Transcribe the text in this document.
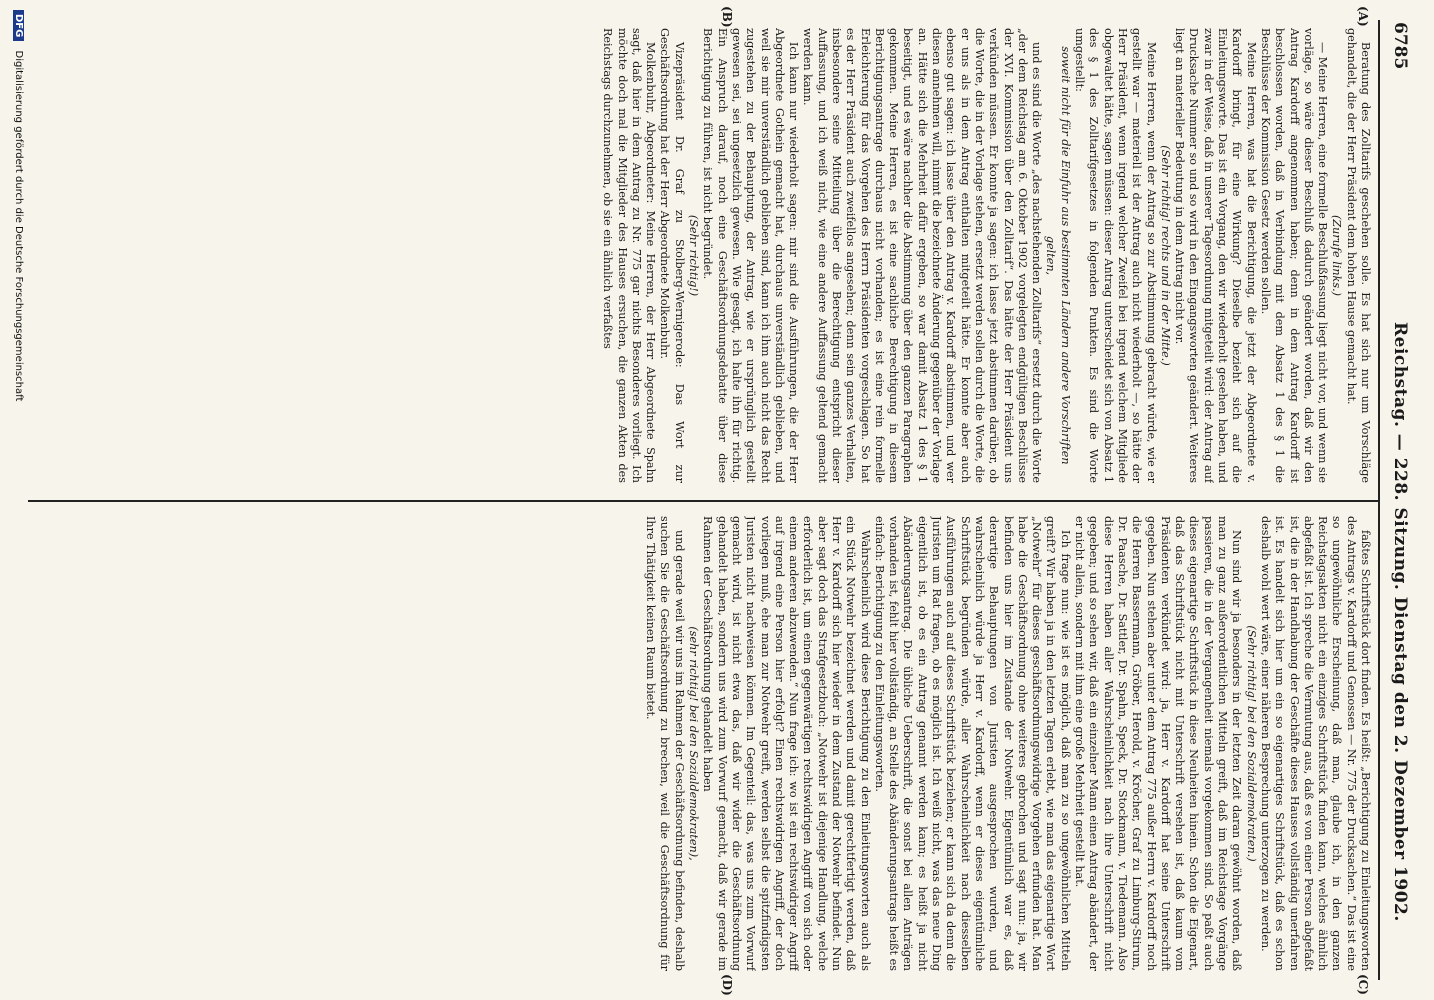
6785
Reichstag. — 228. Sitzung. Dienstag den 2. Dezember 1902.
(A)
(B)
(C)
(D)

Beratung des Zolltarifs geschehen solle. Es hat sich nur um Vorschläge gehandelt, die der Herr Präsident dem hohen Hause gemacht hat.

(Zurufe links.)

— Meine Herren, eine formelle Beschlußfassung liegt nicht vor, und wenn sie vorläge, so wäre dieser Beschluß dadurch geändert worden, daß wir den Antrag Kardorff angenommen haben; denn in dem Antrag Kardorff ist beschlossen worden, daß in Verbindung mit dem Absatz 1 des § 1 die Beschlüsse der Kommission Gesetz werden sollen.

Meine Herren, was hat die Berichtigung, die jetzt der Abgeordnete v. Kardorff bringt, für eine Wirkung? Dieselbe bezieht sich auf die Einleitungsworte. Das ist ein Vorgang, den wir wiederholt gesehen haben, und zwar in der Weise, daß in unserer Tagesordnung mitgeteilt wird: der Antrag auf Drucksache Nummer so und so wird in den Eingangsworten geändert. Weiteres liegt an materieller Bedeutung in dem Antrag nicht vor.

(Sehr richtig! rechts und in der Mitte.)

Meine Herren, wenn der Antrag so zur Abstimmung gebracht würde, wie er gestellt war — materiell ist der Antrag auch nicht wiederholt —, so hätte der Herr Präsident, wenn irgend welcher Zweifel bei irgend welchem Mitgliede obgewaltet hätte, sagen müssen: dieser Antrag unterscheidet sich von Absatz 1 des § 1 des Zolltarifgesetzes in folgenden Punkten. Es sind die Worte umgestellt:

soweit nicht für die Einfuhr aus bestimmten Ländern andere Vorschriften gelten,

und es sind die Worte „des nachstehenden Zolltarifs“ ersetzt durch die Worte „der dem Reichstag am 6. Oktober 1902 vorgelegten endgültigen Beschlüsse der XVI. Kommission über den Zolltarif“. Das hätte der Herr Präsident uns verkünden müssen. Er konnte ja sagen: ich lasse jetzt abstimmen darüber, ob die Worte, die in der Vorlage stehen, ersetzt werden sollen durch die Worte, die er uns als in dem Antrag enthalten mitgeteilt hätte. Er konnte aber auch ebenso gut sagen: ich lasse über den Antrag v. Kardorff abstimmen, und wer diesen annehmen will, nimmt die bezeichnete Änderung gegenüber der Vorlage an. Hätte sich die Mehrheit dafür ergeben, so war damit Absatz 1 des § 1 beseitigt, und es wäre nachher die Abstimmung über den ganzen Paragraphen gekommen. Meine Herren, es ist eine sachliche Berechtigung in diesem Berichtigungsantrage durchaus nicht vorhanden; es ist eine rein formelle Erleichterung für das Vorgehen des Herrn Präsidenten vorgeschlagen. So hat es der Herr Präsident auch zweifellos angesehen; denn sein ganzes Verhalten, insbesondere seine Mitteilung über die Berechtigung entspricht dieser Auffassung, und ich weiß nicht, wie eine andere Auffassung geltend gemacht werden kann.

Ich kann nur wiederholt sagen: mir sind die Ausführungen, die der Herr Abgeordnete Gothein gemacht hat, durchaus unverständlich geblieben, und weil sie mir unverständlich geblieben sind, kann ich ihm auch nicht das Recht zugestehen zu der Behauptung, der Antrag, wie er ursprünglich gestellt gewesen sei, sei ungesetzlich gewesen. Wie gesagt, ich halte ihn für richtig. Ein Anspruch darauf, noch eine Geschäftsordnungsdebatte über diese Berichtigung zu führen, ist nicht begründet.

(Sehr richtig!)

Vizepräsident Dr. Graf zu Stolberg-Wernigerode: Das Wort zur Geschäftsordnung hat der Herr Abgeordnete Molkenbuhr.

Molkenbuhr, Abgeordneter: Meine Herren, der Herr Abgeordnete Spahn sagt, daß hier in dem Antrag zu Nr. 775 gar nichts Besonderes vorliegt. Ich möchte doch mal die Mitglieder des Hauses ersuchen, die ganzen Akten des Reichstags durchzunehmen, ob sie ein ähnlich verfaßtes

faßtes Schriftstück dort finden. Es heißt: „Berichtigung zu Einleitungsworten des Antrags v. Kardorff und Genossen — Nr. 775 der Drucksachen.“ Das ist eine so ungewöhnliche Erscheinung, daß man, glaube ich, in den ganzen Reichstagsakten nicht ein einziges Schriftstück finden kann, welches ähnlich abgefaßt ist. Ich spreche die Vermutung aus, daß es von einer Person abgefaßt ist, die in der Handhabung der Geschäfte dieses Hauses vollständig unerfahren ist. Es handelt sich hier um ein so eigenartiges Schriftstück, daß es schon deshalb wohl wert wäre, einer näheren Besprechung unterzogen zu werden.

(Sehr richtig! bei den Sozialdemokraten.)

Nun sind wir ja besonders in der letzten Zeit daran gewöhnt worden, daß man zu ganz außerordentlichen Mitteln greift, daß im Reichstage Vorgänge passieren, die in der Vergangenheit niemals vorgekommen sind. So paßt auch dieses eigenartige Schriftstück in diese Neuheiten hinein. Schon die Eigenart, daß das Schriftstück nicht mit Unterschrift versehen ist, daß kaum vom Präsidenten verkündet wird: ja, Herr v. Kardorff hat seine Unterschrift gegeben. Nun stehen aber unter dem Antrag 775 außer Herrn v. Kardorff noch die Herren Bassermann, Gröber, Herold, v. Kröcher, Graf zu Limburg-Stirum, Dr. Paasche, Dr. Sattler, Dr. Spahn, Speck, Dr. Stockmann, v. Tiedemann. Also diese Herren haben aller Wahrscheinlichkeit nach ihre Unterschrift nicht gegeben; und so sehen wir, daß ein einzelner Mann einen Antrag abändert, der er nicht allein, sondern mit ihm eine große Mehrheit gestellt hat.

Ich frage nun: wie ist es möglich, daß man zu so ungewöhnlichen Mitteln greift? Wir haben ja in den letzten Tagen erlebt, wie man das eigenartige Wort „Notwehr“ für dieses geschäftsordnungswidrige Vorgehen erfunden hat. Man habe die Geschäftsordnung ohne weiteres gebrochen und sagt nun: ja, wir befinden uns hier im Zustande der Notwehr. Eigentümlich war es, daß derartige Behauptungen von Juristen ausgesprochen wurden, und wahrscheinlich würde ja Herr v. Kardorff, wenn er dieses eigentümliche Schriftstück begründen würde, aller Wahrscheinlichkeit nach diesselben Ausführungen auch auf dieses Schriftstück beziehen; er kann sich da denn die Juristen um Rat fragen, ob es möglich ist. Ich weiß nicht, was das neue Ding eigentlich ist, ob es ein Antrag genannt werden kann; es heißt ja nicht Abänderungsantrag. Die übliche Ueberschrift, die sonst bei allen Anträgen vorhanden ist, fehlt hier vollständig, an Stelle des Abänderungsantrags heißt es einfach: Berichtigung zu den Einleitungsworten.

Wahrscheinlich wird diese Berichtigung zu den Einleitungsworten auch als ein Stück Notwehr bezeichnet werden und damit gerechtfertigt werden, daß Herr v. Kardorff sich hier wieder in dem Zustand der Notwehr befindet. Nun aber sagt doch das Strafgesetzbuch: „Notwehr ist diejenige Handlung, welche erforderlich ist, um einen gegenwärtigen rechtswidrigen Angriff von sich oder einem anderen abzuwenden.“ Nun frage ich: wo ist ein rechtswidriger Angriff auf irgend eine Person hier erfolgt? Einen rechtswidrigen Angriff, der doch vorliegen muß, ehe man zur Notwehr greift, werden selbst die spitzfindigsten Juristen nicht nachweisen können. Im Gegenteil: das, was uns zum Vorwurf gemacht wird, ist nicht etwa das, daß wir wider die Geschäftsordnung gehandelt haben, sondern uns wird zum Vorwurf gemacht, daß wir gerade im Rahmen der Geschäftsordnung gehandelt haben

(sehr richtig! bei den Sozialdemokraten),

und gerade weil wir uns im Rahmen der Geschäftsordnung befinden, deshalb suchen Sie die Geschäftsordnung zu brechen, weil die Geschäftsordnung für Ihre Thätigkeit keinen Raum bietet.

DFG Digitalisierung gefördert durch die Deutsche Forschungsgemeinschaft
